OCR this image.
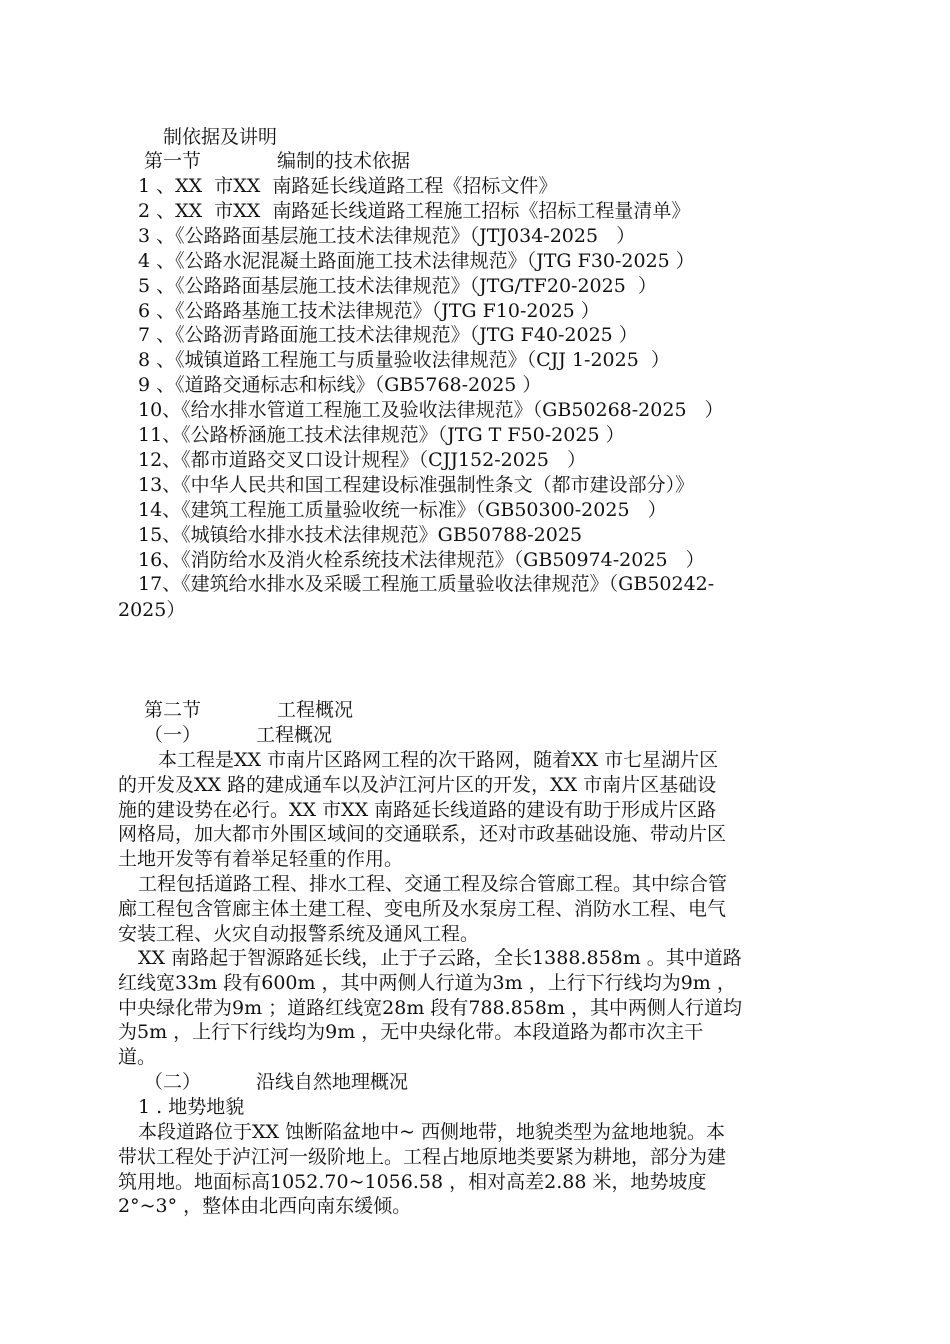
制依据及讲明
第一节	编制的技术依据
1 、XX  市XX  南路延长线道路工程《招标文件》
2 、XX  市XX  南路延长线道路工程施工招标《招标工程量清单》
3 、《公路路面基层施工技术法律规范》（JTJ034-2025   ）
4 、《公路水泥混凝土路面施工技术法律规范》（JTG F30-2025 ）
5 、《公路路面基层施工技术法律规范》（JTG/TF20-2025  ）
6 、《公路路基施工技术法律规范》（JTG F10-2025 ）
7 、《公路沥青路面施工技术法律规范》（JTG F40-2025 ）
8 、《城镇道路工程施工与质量验收法律规范》（CJJ 1-2025  ）
9 、《道路交通标志和标线》（GB5768-2025 ）
10、《给水排水管道工程施工及验收法律规范》（GB50268-2025   ）
11、《公路桥涵施工技术法律规范》（JTG T F50-2025 ）
12、《都市道路交叉口设计规程》（CJJ152-2025   ）
13、《中华人民共和国工程建设标准强制性条文（都市建设部分）》
14、《建筑工程施工质量验收统一标准》（GB50300-2025   ）
15、《城镇给水排水技术法律规范》GB50788-2025
16、《消防给水及消火栓系统技术法律规范》（GB50974-2025   ）
17、《建筑给水排水及采暖工程施工质量验收法律规范》（GB50242-
2025）
第二节	工程概况
（一）	工程概况
本工程是XX 市南片区路网工程的次干路网，随着XX 市七星湖片区
的开发及XX 路的建成通车以及泸江河片区的开发，XX 市南片区基础设
施的建设势在必行。XX 市XX 南路延长线道路的建设有助于形成片区路
网格局，加大都市外围区域间的交通联系，还对市政基础设施、带动片区
土地开发等有着举足轻重的作用。
工程包括道路工程、排水工程、交通工程及综合管廊工程。其中综合管
廊工程包含管廊主体土建工程、变电所及水泵房工程、消防水工程、电气
安装工程、火灾自动报警系统及通风工程。
XX 南路起于智源路延长线，止于子云路，全长1388.858m 。其中道路
红线宽33m 段有600m ，其中两侧人行道为3m ，上行下行线均为9m ，
中央绿化带为9m ；道路红线宽28m 段有788.858m ，其中两侧人行道均
为5m ，上行下行线均为9m ，无中央绿化带。本段道路为都市次主干
道。
（二）	沿线自然地理概况
1 . 地势地貌
本段道路位于XX 蚀断陷盆地中~ 西侧地带，地貌类型为盆地地貌。本
带状工程处于泸江河一级阶地上。工程占地原地类要紧为耕地，部分为建
筑用地。地面标高1052.70~1056.58 ，相对高差2.88 米，地势坡度
2°~3° ，整体由北西向南东缓倾。
